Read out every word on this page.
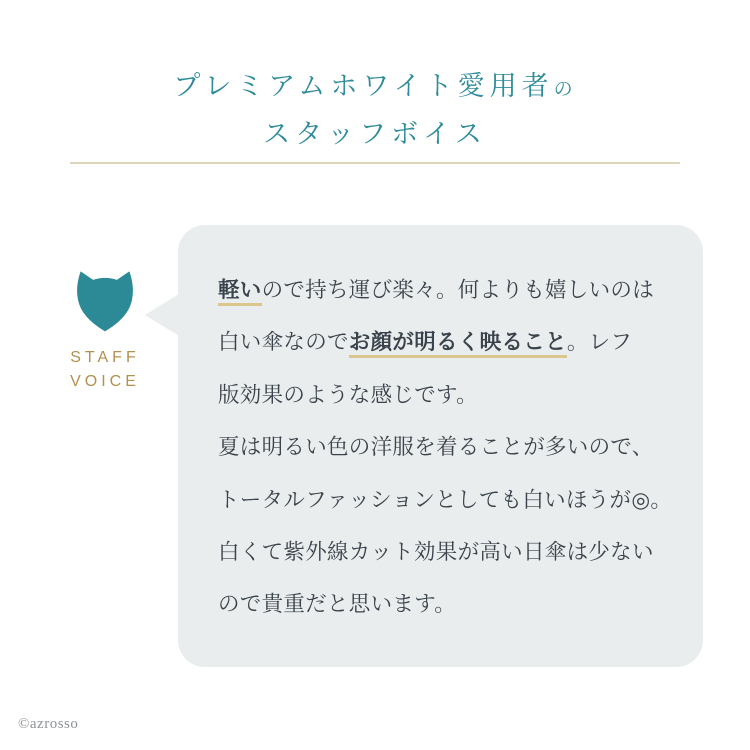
プレミアムホワイト愛用者の
スタッフボイス
STAFF
VOICE
軽いので持ち運び楽々。何よりも嬉しいのは
白い傘なのでお顔が明るく映ること。レフ
版効果のような感じです。
夏は明るい色の洋服を着ることが多いので、
トータルファッションとしても白いほうが◎。
白くて紫外線カット効果が高い日傘は少ない
ので貴重だと思います。
©azrosso
